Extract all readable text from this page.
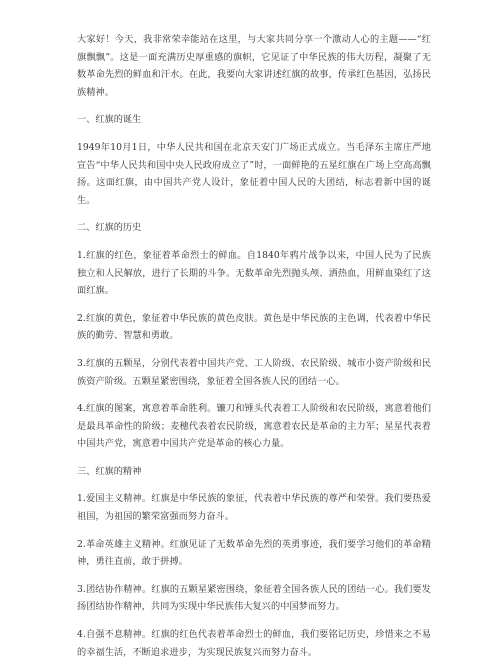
大家好！今天，我非常荣幸能站在这里，与大家共同分享一个激动人心的主题——“红旗飘飘”。这是一面充满历史厚重感的旗帜，它见证了中华民族的伟大历程，凝聚了无数革命先烈的鲜血和汗水。在此，我要向大家讲述红旗的故事，传承红色基因，弘扬民族精神。

一、红旗的诞生

1949年10月1日，中华人民共和国在北京天安门广场正式成立。当毛泽东主席庄严地宣告“中华人民共和国中央人民政府成立了”时，一面鲜艳的五星红旗在广场上空高高飘扬。这面红旗，由中国共产党人设计，象征着中国人民的大团结，标志着新中国的诞生。

二、红旗的历史

1.红旗的红色，象征着革命烈士的鲜血。自1840年鸦片战争以来，中国人民为了民族独立和人民解放，进行了长期的斗争。无数革命先烈抛头颅、洒热血，用鲜血染红了这面红旗。

2.红旗的黄色，象征着中华民族的黄色皮肤。黄色是中华民族的主色调，代表着中华民族的勤劳、智慧和勇敢。

3.红旗的五颗星，分别代表着中国共产党、工人阶级、农民阶级、城市小资产阶级和民族资产阶级。五颗星紧密围绕，象征着全国各族人民的团结一心。

4.红旗的图案，寓意着革命胜利。镰刀和锤头代表着工人阶级和农民阶级，寓意着他们是最具革命性的阶级；麦穗代表着农民阶级，寓意着农民是革命的主力军；星星代表着中国共产党，寓意着中国共产党是革命的核心力量。

三、红旗的精神

1.爱国主义精神。红旗是中华民族的象征，代表着中华民族的尊严和荣誉。我们要热爱祖国，为祖国的繁荣富强而努力奋斗。

2.革命英雄主义精神。红旗见证了无数革命先烈的英勇事迹，我们要学习他们的革命精神，勇往直前，敢于拼搏。

3.团结协作精神。红旗的五颗星紧密围绕，象征着全国各族人民的团结一心。我们要发扬团结协作精神，共同为实现中华民族伟大复兴的中国梦而努力。

4.自强不息精神。红旗的红色代表着革命烈士的鲜血，我们要铭记历史，珍惜来之不易的幸福生活，不断追求进步，为实现民族复兴而努力奋斗。
